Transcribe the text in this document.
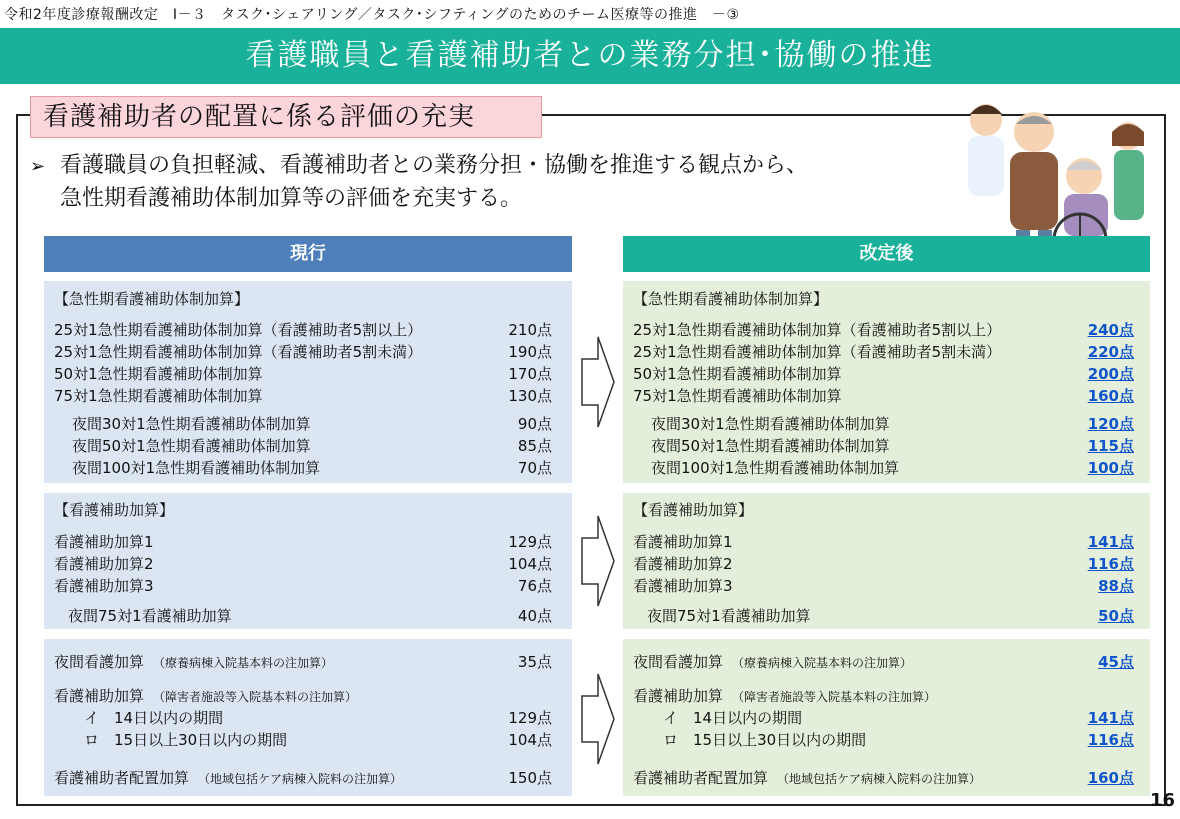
令和2年度診療報酬改定　Ⅰ－３　タスク･シェアリング／タスク･シフティングのためのチーム医療等の推進　－③
看護職員と看護補助者との業務分担･協働の推進
看護補助者の配置に係る評価の充実
➢ 看護職員の負担軽減、看護補助者との業務分担・協働を推進する観点から、
急性期看護補助体制加算等の評価を充実する。
現行	改定後
【急性期看護補助体制加算】
25対1急性期看護補助体制加算（看護補助者5割以上）	210点
25対1急性期看護補助体制加算（看護補助者5割未満）	190点
50対1急性期看護補助体制加算	170点
75対1急性期看護補助体制加算	130点
夜間30対1急性期看護補助体制加算	90点
夜間50対1急性期看護補助体制加算	85点
夜間100対1急性期看護補助体制加算	70点
【急性期看護補助体制加算】
25対1急性期看護補助体制加算（看護補助者5割以上）	240点
25対1急性期看護補助体制加算（看護補助者5割未満）	220点
50対1急性期看護補助体制加算	200点
75対1急性期看護補助体制加算	160点
夜間30対1急性期看護補助体制加算	120点
夜間50対1急性期看護補助体制加算	115点
夜間100対1急性期看護補助体制加算	100点
【看護補助加算】
看護補助加算1	129点
看護補助加算2	104点
看護補助加算3	76点
夜間75対1看護補助加算	40点
【看護補助加算】
看護補助加算1	141点
看護補助加算2	116点
看護補助加算3	88点
夜間75対1看護補助加算	50点
夜間看護加算　 （療養病棟入院基本料の注加算）	35点
看護補助加算　 （障害者施設等入院基本料の注加算）
イ　14日以内の期間	129点
ロ　15日以上30日以内の期間	104点
看護補助者配置加算　 （地域包括ケア病棟入院料の注加算）	150点
夜間看護加算　 （療養病棟入院基本料の注加算）	45点
看護補助加算　 （障害者施設等入院基本料の注加算）
イ　14日以内の期間	141点
ロ　15日以上30日以内の期間	116点
看護補助者配置加算　 （地域包括ケア病棟入院料の注加算）	160点
16
